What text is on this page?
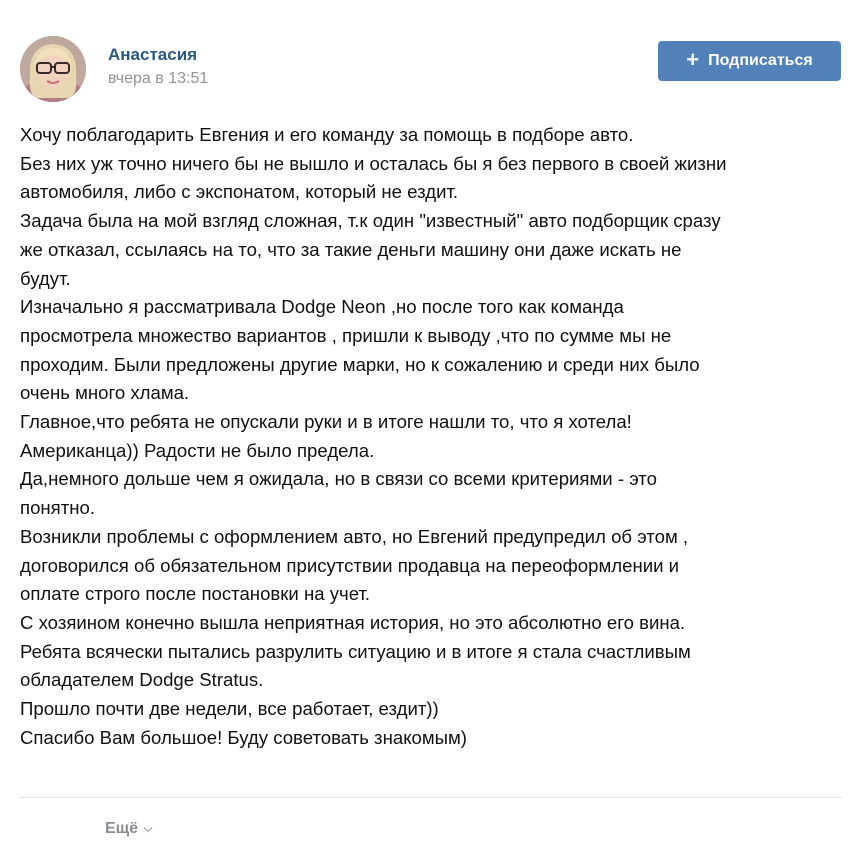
Анастасия
вчера в 13:51
+ Подписаться
Хочу поблагодарить Евгения и его команду за помощь в подборе авто.
Без них уж точно ничего бы не вышло и осталась бы я без первого в своей жизни
автомобиля, либо с экспонатом, который не ездит.
Задача была на мой взгляд сложная, т.к один "известный" авто подборщик сразу
же отказал, ссылаясь на то, что за такие деньги машину они даже искать не
будут.
Изначально я рассматривала Dodge Neon ,но после того как команда
просмотрела множество вариантов , пришли к выводу ,что по сумме мы не
проходим. Были предложены другие марки, но к сожалению и среди них было
очень много хлама.
Главное,что ребята не опускали руки и в итоге нашли то, что я хотела!
Американца)) Радости не было предела.
Да,немного дольше чем я ожидала, но в связи со всеми критериями - это
понятно.
Возникли проблемы с оформлением авто, но Евгений предупредил об этом ,
договорился об обязательном присутствии продавца на переоформлении и
оплате строго после постановки на учет.
С хозяином конечно вышла неприятная история, но это абсолютно его вина.
Ребята всячески пытались разрулить ситуацию и в итоге я стала счастливым
обладателем Dodge Stratus.
Прошло почти две недели, все работает, ездит))
Спасибо Вам большое! Буду советовать знакомым)
Ещё
